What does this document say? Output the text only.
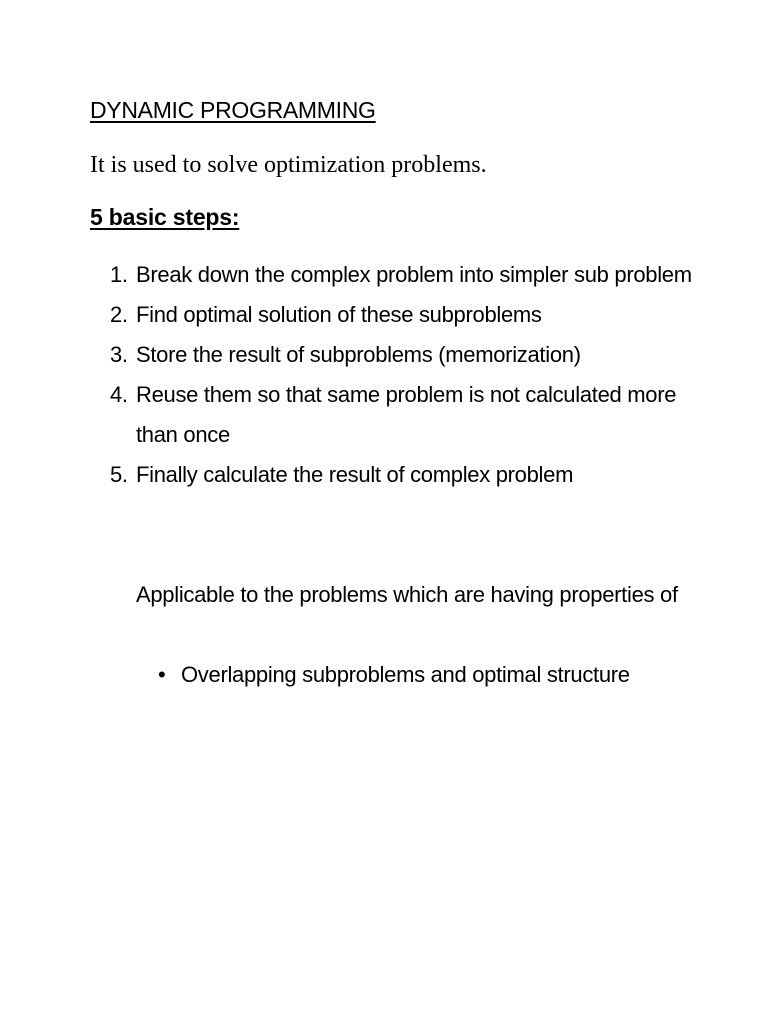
DYNAMIC PROGRAMMING

It is used to solve optimization problems.

5 basic steps:
1. Break down the complex problem into simpler sub problem
2. Find optimal solution of these subproblems
3. Store the result of subproblems (memorization)
4. Reuse them so that same problem is not calculated more than once
5. Finally calculate the result of complex problem

Applicable to the problems which are having properties of

• Overlapping subproblems and optimal structure
